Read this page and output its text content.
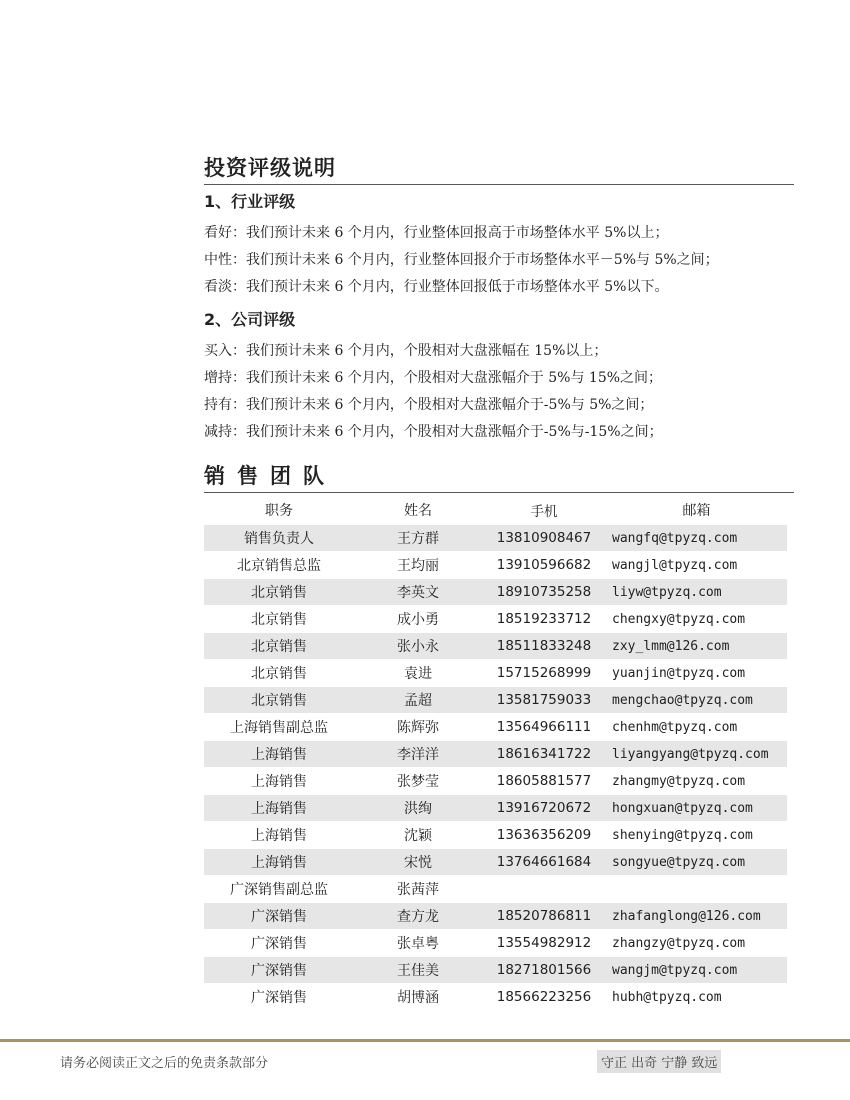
投资评级说明
1、行业评级
看好：我们预计未来 6 个月内，行业整体回报高于市场整体水平 5%以上；
中性：我们预计未来 6 个月内，行业整体回报介于市场整体水平－5%与 5%之间；
看淡：我们预计未来 6 个月内，行业整体回报低于市场整体水平 5%以下。
2、公司评级
买入：我们预计未来 6 个月内，个股相对大盘涨幅在 15%以上；
增持：我们预计未来 6 个月内，个股相对大盘涨幅介于 5%与 15%之间；
持有：我们预计未来 6 个月内，个股相对大盘涨幅介于-5%与 5%之间；
减持：我们预计未来 6 个月内，个股相对大盘涨幅介于-5%与-15%之间；
销售团队
职务	姓名	手机	邮箱
销售负责人	王方群	13810908467	wangfq@tpyzq.com
北京销售总监	王均丽	13910596682	wangjl@tpyzq.com
北京销售	李英文	18910735258	liyw@tpyzq.com
北京销售	成小勇	18519233712	chengxy@tpyzq.com
北京销售	张小永	18511833248	zxy_lmm@126.com
北京销售	袁进	15715268999	yuanjin@tpyzq.com
北京销售	孟超	13581759033	mengchao@tpyzq.com
上海销售副总监	陈辉弥	13564966111	chenhm@tpyzq.com
上海销售	李洋洋	18616341722	liyangyang@tpyzq.com
上海销售	张梦莹	18605881577	zhangmy@tpyzq.com
上海销售	洪绚	13916720672	hongxuan@tpyzq.com
上海销售	沈颖	13636356209	shenying@tpyzq.com
上海销售	宋悦	13764661684	songyue@tpyzq.com
广深销售副总监	张茜萍		
广深销售	查方龙	18520786811	zhafanglong@126.com
广深销售	张卓粤	13554982912	zhangzy@tpyzq.com
广深销售	王佳美	18271801566	wangjm@tpyzq.com
广深销售	胡博涵	18566223256	hubh@tpyzq.com
请务必阅读正文之后的免责条款部分	守正 出奇 宁静 致远
